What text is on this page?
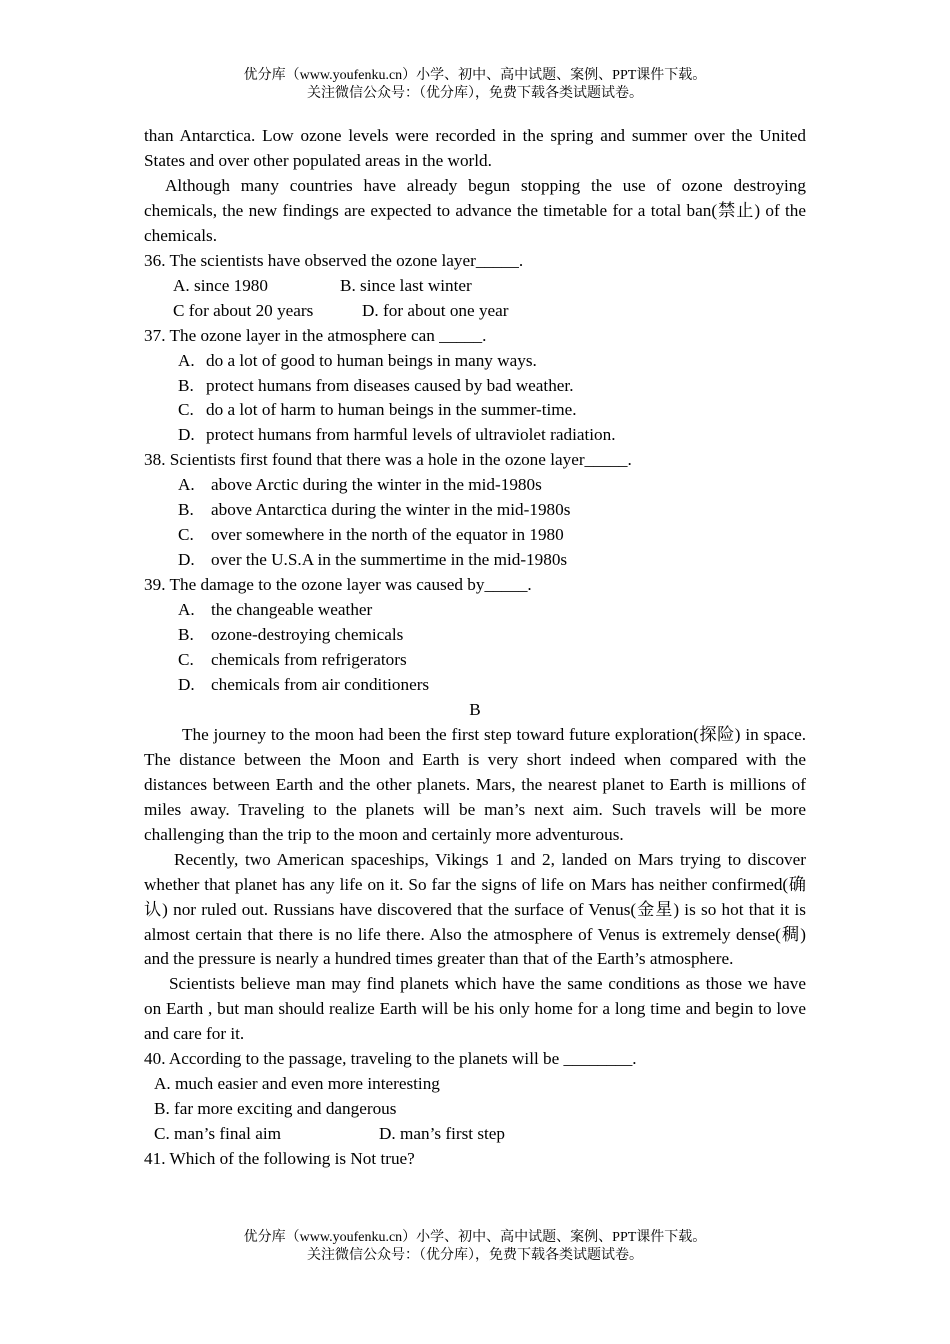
优分库（www.youfenku.cn）小学、初中、高中试题、案例、PPT课件下载。
关注微信公众号：（优分库），免费下载各类试题试卷。
than Antarctica. Low ozone levels were recorded in the spring and summer over the United States and over other populated areas in the world.
Although many countries have already begun stopping the use of ozone destroying chemicals, the new findings are expected to advance the timetable for a total ban(禁止) of the chemicals.
36. The scientists have observed the ozone layer_____.
A. since 1980	B. since last winter
C for about 20 years	D. for about one year
37. The ozone layer in the atmosphere can _____.
A. do a lot of good to human beings in many ways.
B. protect humans from diseases caused by bad weather.
C. do a lot of harm to human beings in the summer-time.
D. protect humans from harmful levels of ultraviolet radiation.
38. Scientists first found that there was a hole in the ozone layer_____.
A. above Arctic during the winter in the mid-1980s
B.	above Antarctica during the winter in the mid-1980s
C.	over somewhere in the north of the equator in 1980
D. over the U.S.A in the summertime in the mid-1980s
39. The damage to the ozone layer was caused by_____.
A. the changeable weather
B.	ozone-destroying chemicals
C.	chemicals from refrigerators
D. chemicals from air conditioners
B
The journey to the moon had been the first step toward future exploration(探险) in space. The distance between the Moon and Earth is very short indeed when compared with the distances between Earth and the other planets. Mars, the nearest planet to Earth is millions of miles away. Traveling to the planets will be man’s next aim. Such travels will be more challenging than the trip to the moon and certainly more adventurous.
Recently, two American spaceships, Vikings 1 and 2, landed on Mars trying to discover whether that planet has any life on it. So far the signs of life on Mars has neither confirmed(确认) nor ruled out. Russians have discovered that the surface of Venus(金星) is so hot that it is almost certain that there is no life there. Also the atmosphere of Venus is extremely dense(稠) and the pressure is nearly a hundred times greater than that of the Earth’s atmosphere.
Scientists believe man may find planets which have the same conditions as those we have on Earth , but man should realize Earth will be his only home for a long time and begin to love and care for it.
40. According to the passage, traveling to the planets will be ________.
A. much easier and even more interesting
B. far more exciting and dangerous
C. man’s final aim	D. man’s first step
41. Which of the following is Not true?
优分库（www.youfenku.cn）小学、初中、高中试题、案例、PPT课件下载。
关注微信公众号：（优分库），免费下载各类试题试卷。
